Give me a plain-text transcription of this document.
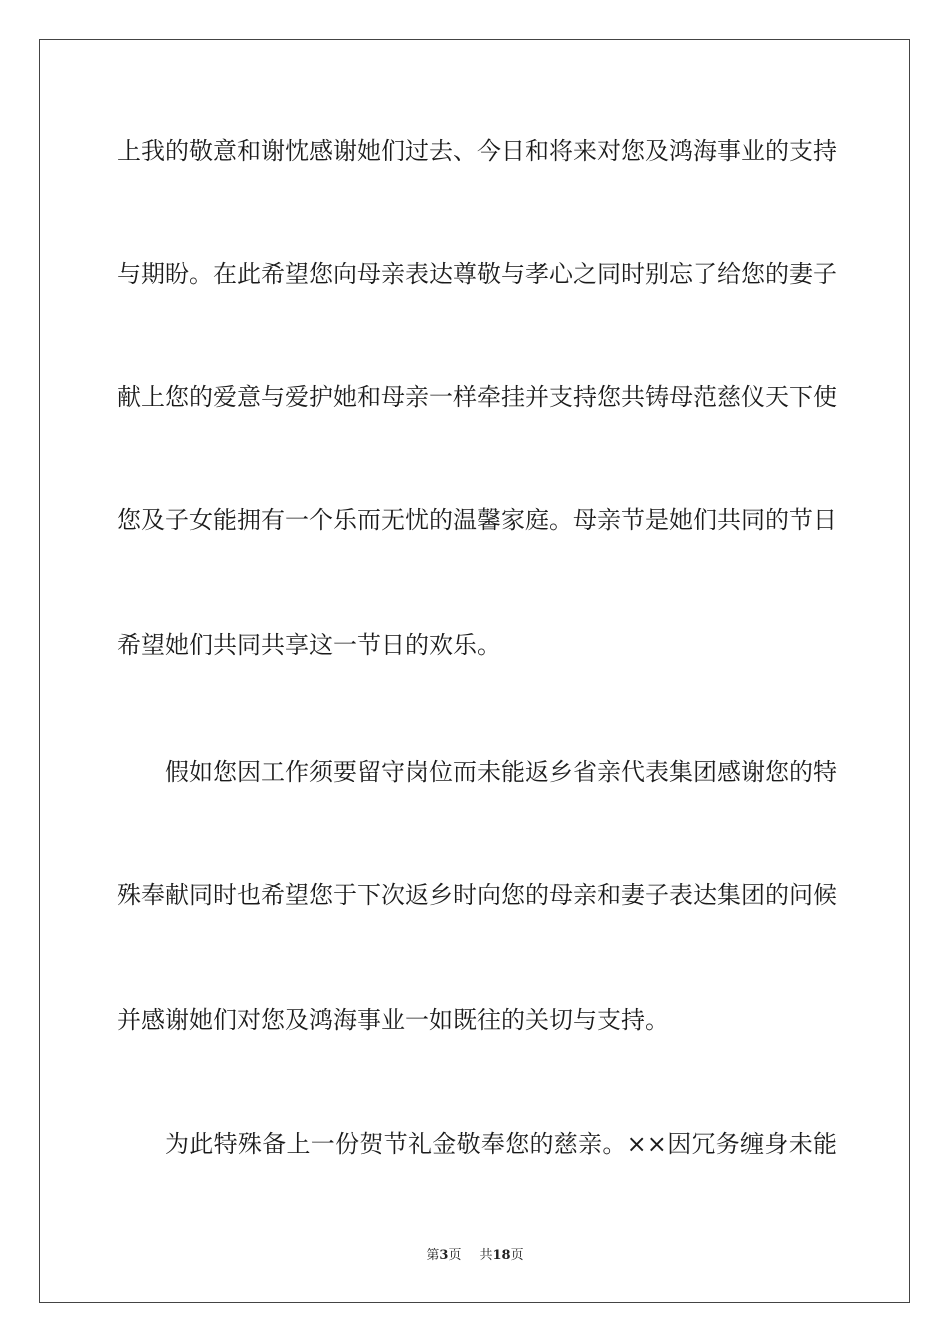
上我的敬意和谢忱感谢她们过去、今日和将来对您及鸿海事业的支持
与期盼。在此希望您向母亲表达尊敬与孝心之同时别忘了给您的妻子
献上您的爱意与爱护她和母亲一样牵挂并支持您共铸母范慈仪天下使
您及子女能拥有一个乐而无忧的温馨家庭。母亲节是她们共同的节日
希望她们共同共享这一节日的欢乐。
假如您因工作须要留守岗位而未能返乡省亲代表集团感谢您的特
殊奉献同时也希望您于下次返乡时向您的母亲和妻子表达集团的问候
并感谢她们对您及鸿海事业一如既往的关切与支持。
为此特殊备上一份贺节礼金敬奉您的慈亲。××因冗务缠身未能
第3页 共18页
